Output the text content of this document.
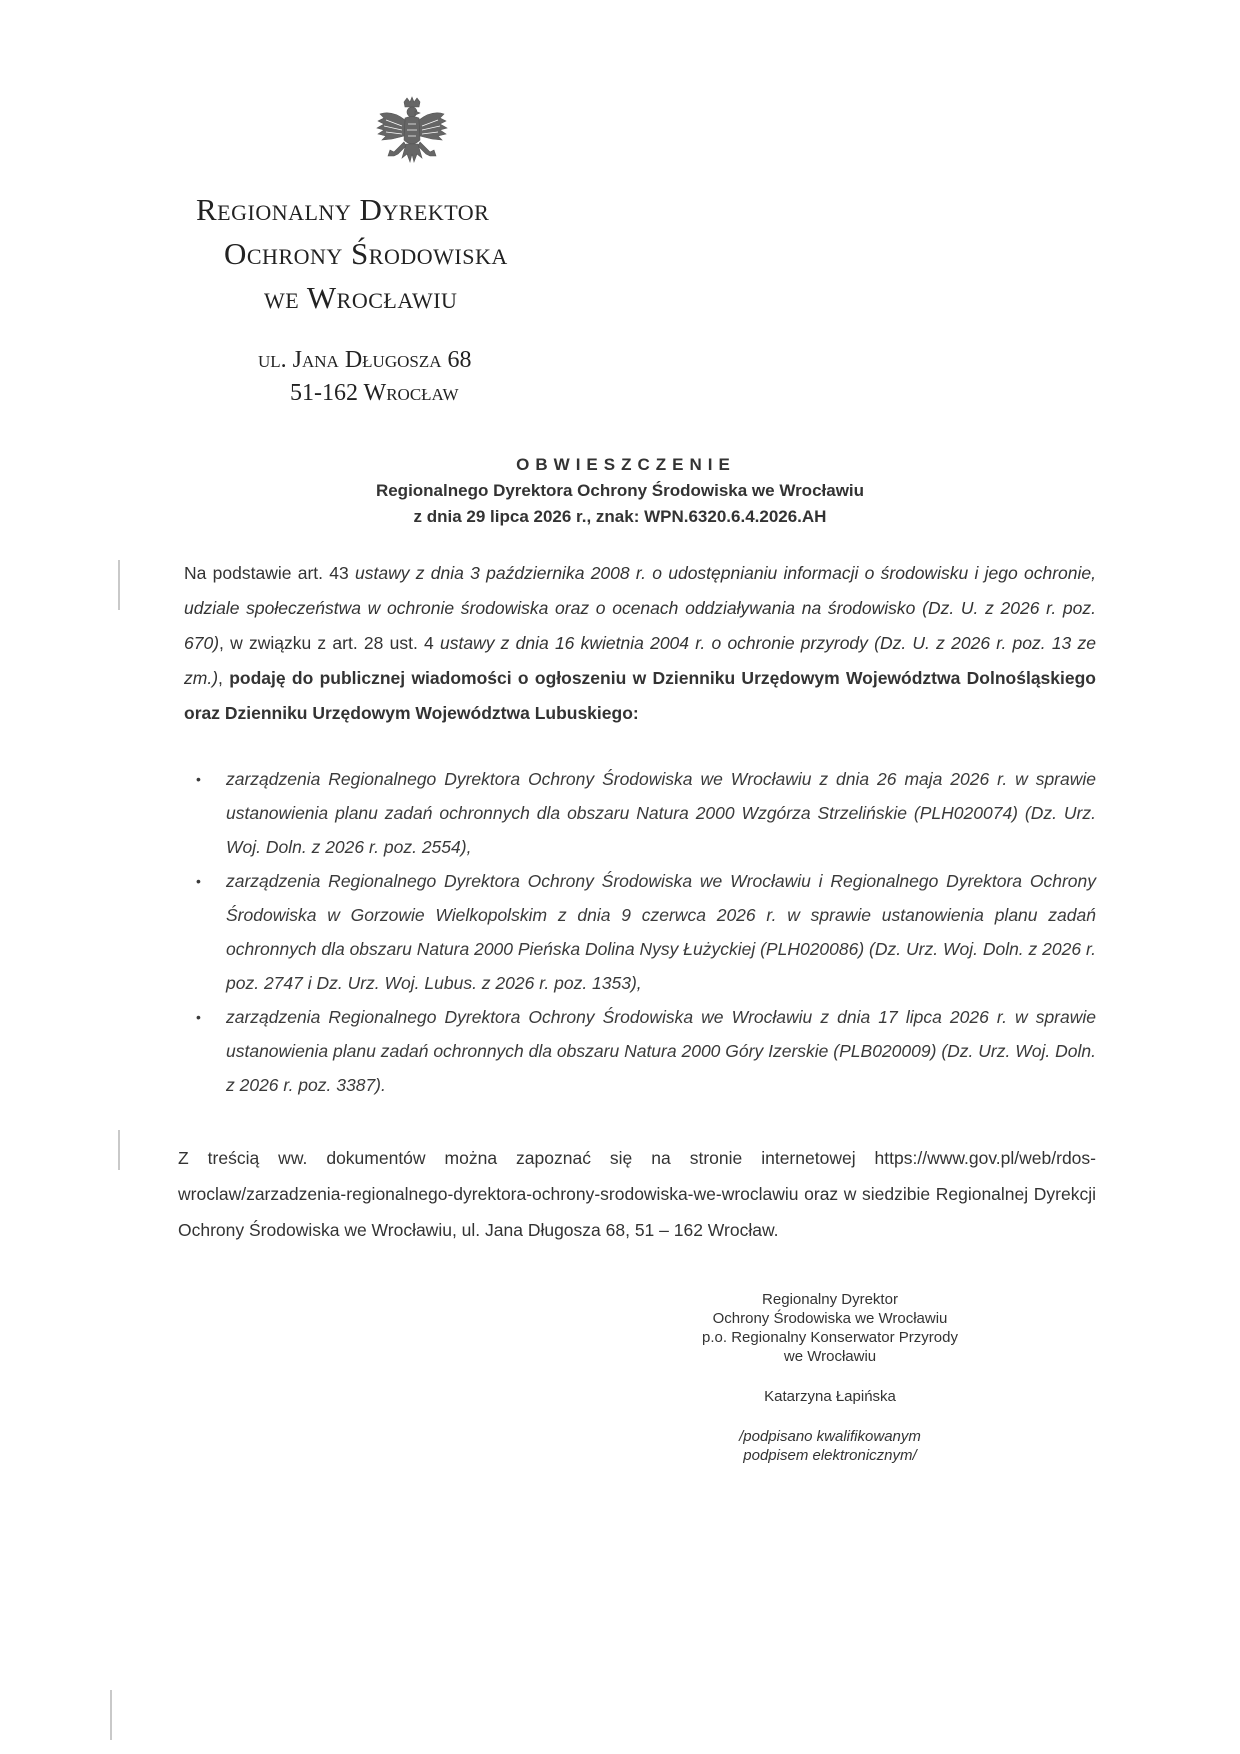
Regionalny Dyrektor
Ochrony Środowiska
we Wrocławiu
ul. Jana Długosza 68
51-162 Wrocław
OBWIESZCZENIE
Regionalnego Dyrektora Ochrony Środowiska we Wrocławiu
z dnia 29 lipca 2026 r., znak: WPN.6320.6.4.2026.AH
Na podstawie art. 43 ustawy z dnia 3 października 2008 r. o udostępnianiu informacji o środowisku i jego ochronie, udziale społeczeństwa w ochronie środowiska oraz o ocenach oddziaływania na środowisko (Dz. U. z 2026 r. poz. 670), w związku z art. 28 ust. 4 ustawy z dnia 16 kwietnia 2004 r. o ochronie przyrody (Dz. U. z 2026 r. poz. 13 ze zm.), podaję do publicznej wiadomości o ogłoszeniu w Dzienniku Urzędowym Województwa Dolnośląskiego oraz Dzienniku Urzędowym Województwa Lubuskiego:
• zarządzenia Regionalnego Dyrektora Ochrony Środowiska we Wrocławiu z dnia 26 maja 2026 r. w sprawie ustanowienia planu zadań ochronnych dla obszaru Natura 2000 Wzgórza Strzelińskie (PLH020074) (Dz. Urz. Woj. Doln. z 2026 r. poz. 2554),
• zarządzenia Regionalnego Dyrektora Ochrony Środowiska we Wrocławiu i Regionalnego Dyrektora Ochrony Środowiska w Gorzowie Wielkopolskim z dnia 9 czerwca 2026 r. w sprawie ustanowienia planu zadań ochronnych dla obszaru Natura 2000 Pieńska Dolina Nysy Łużyckiej (PLH020086) (Dz. Urz. Woj. Doln. z 2026 r. poz. 2747 i Dz. Urz. Woj. Lubus. z 2026 r. poz. 1353),
• zarządzenia Regionalnego Dyrektora Ochrony Środowiska we Wrocławiu z dnia 17 lipca 2026 r. w sprawie ustanowienia planu zadań ochronnych dla obszaru Natura 2000 Góry Izerskie (PLB020009) (Dz. Urz. Woj. Doln. z 2026 r. poz. 3387).
Z treścią ww. dokumentów można zapoznać się na stronie internetowej https://www.gov.pl/web/rdos-wroclaw/zarzadzenia-regionalnego-dyrektora-ochrony-srodowiska-we-wroclawiu oraz w siedzibie Regionalnej Dyrekcji Ochrony Środowiska we Wrocławiu, ul. Jana Długosza 68, 51 – 162 Wrocław.
Regionalny Dyrektor
Ochrony Środowiska we Wrocławiu
p.o. Regionalny Konserwator Przyrody
we Wrocławiu
Katarzyna Łapińska
/podpisano kwalifikowanym
podpisem elektronicznym/
